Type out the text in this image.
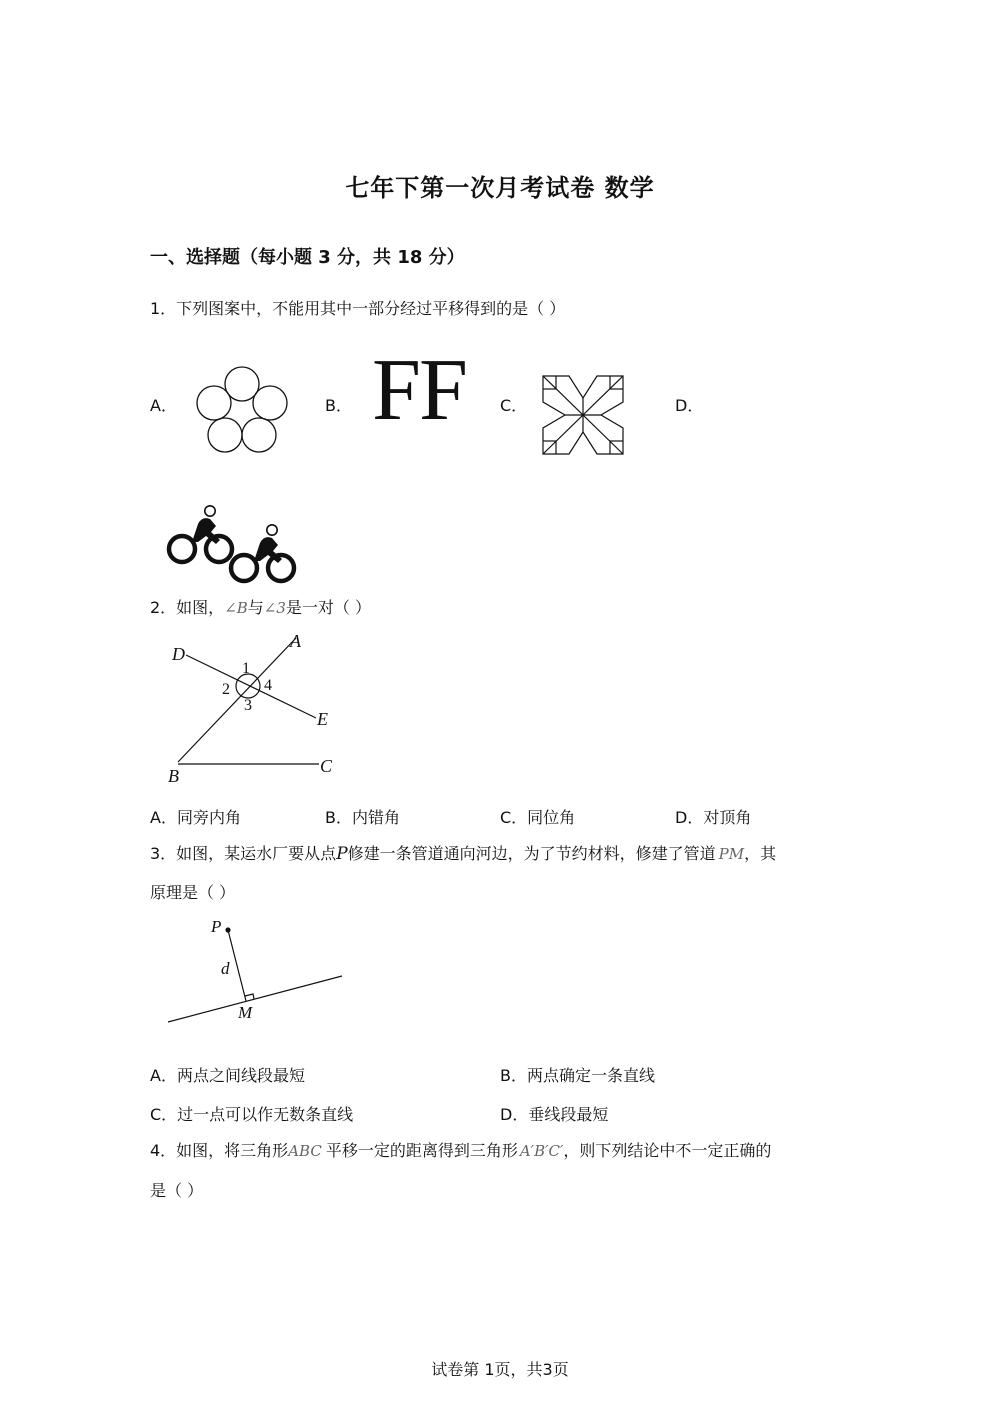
七年下第一次月考试卷 数学
一、选择题（每小题 3 分，共 18 分）
1．下列图案中，不能用其中一部分经过平移得到的是（ ）
A．	B． FF C．	D．
2．如图，∠B与∠3是一对（ ）
D
A
E
B	C
1
2 4
3
A．同旁内角	B．内错角	C．同位角	D．对顶角
3．如图，某运水厂要从点P修建一条管道通向河边，为了节约材料，修建了管道 PM，其
原理是（ ）
P
d
M
A．两点之间线段最短	B．两点确定一条直线
C．过一点可以作无数条直线	D．垂线段最短
4．如图，将三角形ABC 平移一定的距离得到三角形 A′B′C′，则下列结论中不一定正确的
是（ ）
试卷第 1页，共3页
